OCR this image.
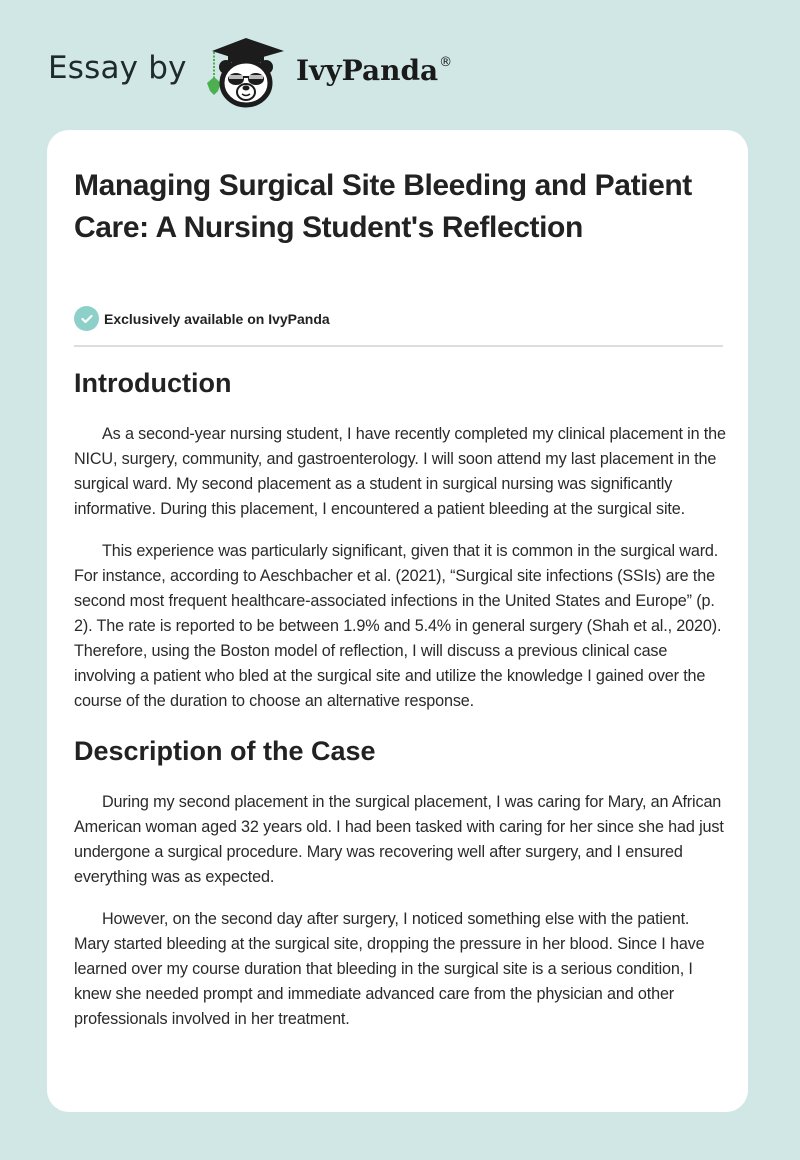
Essay by	IvyPanda®
Managing Surgical Site Bleeding and Patient Care: A Nursing Student's Reflection
Exclusively available on IvyPanda
Introduction

As a second-year nursing student, I have recently completed my clinical placement in the NICU, surgery, community, and gastroenterology. I will soon attend my last placement in the surgical ward. My second placement as a student in surgical nursing was significantly informative. During this placement, I encountered a patient bleeding at the surgical site.

This experience was particularly significant, given that it is common in the surgical ward. For instance, according to Aeschbacher et al. (2021), “Surgical site infections (SSIs) are the second most frequent healthcare-associated infections in the United States and Europe” (p. 2). The rate is reported to be between 1.9% and 5.4% in general surgery (Shah et al., 2020). Therefore, using the Boston model of reflection, I will discuss a previous clinical case involving a patient who bled at the surgical site and utilize the knowledge I gained over the course of the duration to choose an alternative response.

Description of the Case

During my second placement in the surgical placement, I was caring for Mary, an African American woman aged 32 years old. I had been tasked with caring for her since she had just undergone a surgical procedure. Mary was recovering well after surgery, and I ensured everything was as expected.

However, on the second day after surgery, I noticed something else with the patient. Mary started bleeding at the surgical site, dropping the pressure in her blood. Since I have learned over my course duration that bleeding in the surgical site is a serious condition, I knew she needed prompt and immediate advanced care from the physician and other professionals involved in her treatment.
